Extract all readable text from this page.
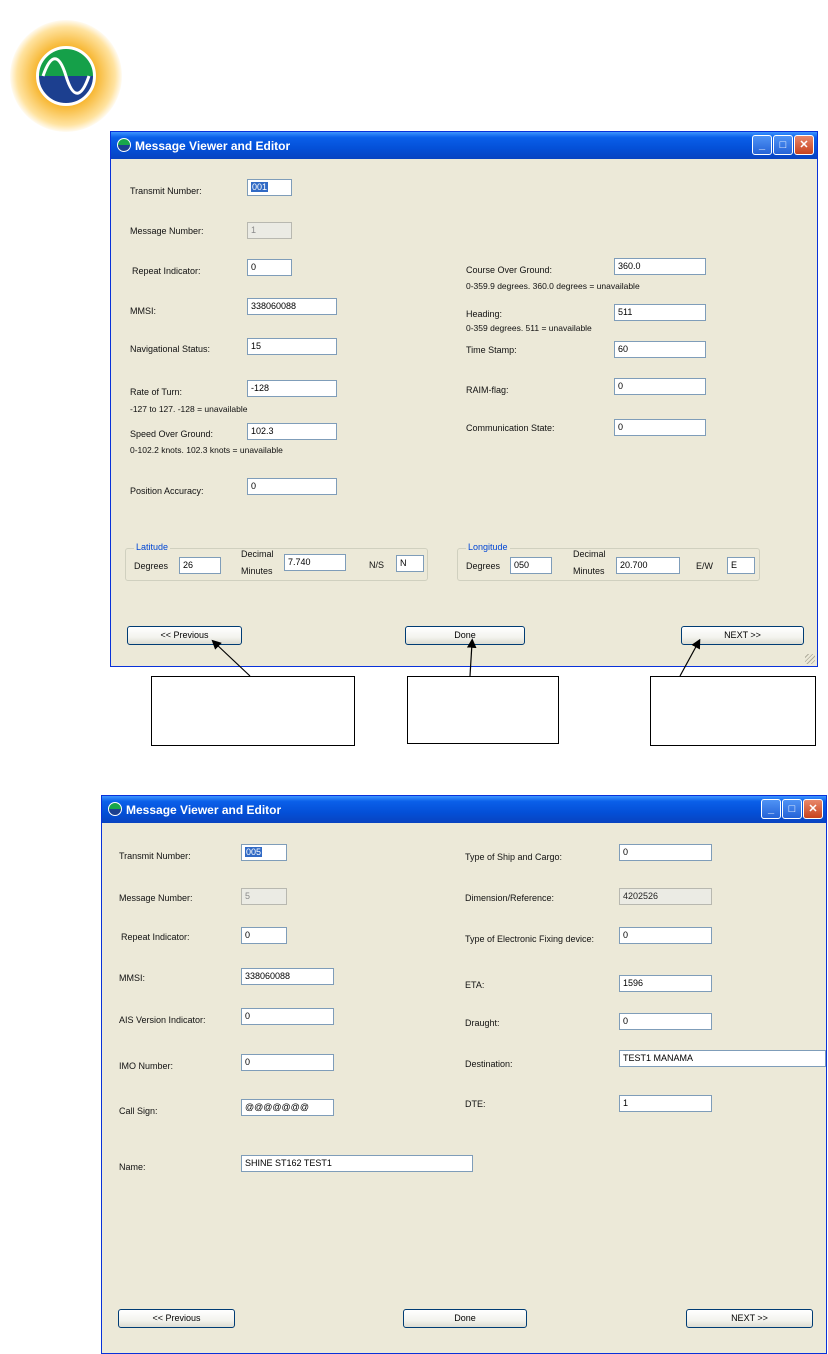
Message Viewer and Editor	_	□	✕
Transmit Number:	001
Message Number:	1
Repeat Indicator:	0
MMSI:	338060088
Navigational Status:	15
Rate of Turn:	-128
-127 to 127. -128 = unavailable
Speed Over Ground:	102.3
0-102.2 knots. 102.3 knots = unavailable
Position Accuracy:	0
Course Over Ground:	360.0
0-359.9 degrees. 360.0 degrees = unavailable
Heading:	511
0-359 degrees. 511 = unavailable
Time Stamp:	60
RAIM-flag:	0
Communication State:	0
Latitude
Degrees	26
Decimal
Minutes
7.740	N/S	N
Longitude
Degrees	050
Decimal
Minutes
20.700	E/W	E
<< Previous	Done	NEXT >>
Message Viewer and Editor	_	□	✕
Transmit Number:	005
Message Number:	5
Repeat Indicator:	0
MMSI:	338060088
AIS Version Indicator:	0
IMO Number:	0
Call Sign:	@@@@@@@
Name:	SHINE ST162 TEST1
Type of Ship and Cargo:	0
Dimension/Reference:	4202526
Type of Electronic Fixing device:	0
ETA:	1596
Draught:	0
Destination:
TEST1 MANAMA
DTE:	1
<< Previous	Done	NEXT >>
